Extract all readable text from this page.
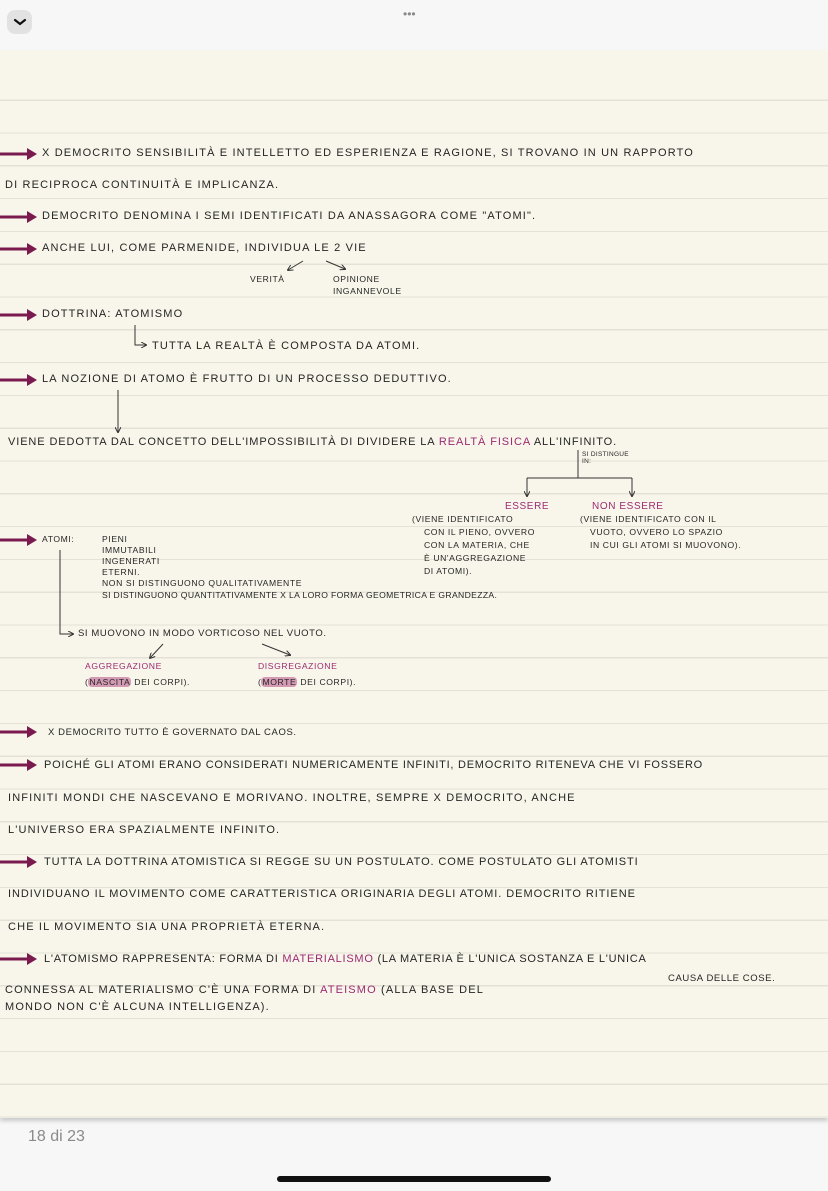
•••
X DEMOCRITO SENSIBILITÀ E INTELLETTO ED ESPERIENZA E RAGIONE, SI TROVANO IN UN RAPPORTO
DI RECIPROCA CONTINUITÀ E IMPLICANZA.
DEMOCRITO DENOMINA I SEMI IDENTIFICATI DA ANASSAGORA COME "ATOMI".
ANCHE LUI, COME PARMENIDE, INDIVIDUA LE 2 VIE
VERITÀ	OPINIONE
INGANNEVOLE
DOTTRINA: ATOMISMO
TUTTA LA REALTÀ È COMPOSTA DA ATOMI.
LA NOZIONE DI ATOMO È FRUTTO DI UN PROCESSO DEDUTTIVO.
VIENE DEDOTTA DAL CONCETTO DELL'IMPOSSIBILITÀ DI DIVIDERE LA REALTÀ FISICA ALL'INFINITO.
SI DISTINGUE
IN:
ESSERE	NON ESSERE
(VIENE IDENTIFICATO
CON IL PIENO, OVVERO
CON LA MATERIA, CHE
È UN'AGGREGAZIONE
DI ATOMI).
(VIENE IDENTIFICATO CON IL
VUOTO, OVVERO LO SPAZIO
IN CUI GLI ATOMI SI MUOVONO).
ATOMI:	PIENI
IMMUTABILI
INGENERATI
ETERNI.
NON SI DISTINGUONO QUALITATIVAMENTE
SI DISTINGUONO QUANTITATIVAMENTE X LA LORO FORMA GEOMETRICA E GRANDEZZA.
SI MUOVONO IN MODO VORTICOSO NEL VUOTO.
AGGREGAZIONE
(NASCITA DEI CORPI).
DISGREGAZIONE
(MORTE DEI CORPI).
X DEMOCRITO TUTTO È GOVERNATO DAL CAOS.
POICHÉ GLI ATOMI ERANO CONSIDERATI NUMERICAMENTE INFINITI, DEMOCRITO RITENEVA CHE VI FOSSERO
INFINITI MONDI CHE NASCEVANO E MORIVANO. INOLTRE, SEMPRE X DEMOCRITO, ANCHE
L'UNIVERSO ERA SPAZIALMENTE INFINITO.
TUTTA LA DOTTRINA ATOMISTICA SI REGGE SU UN POSTULATO. COME POSTULATO GLI ATOMISTI
INDIVIDUANO IL MOVIMENTO COME CARATTERISTICA ORIGINARIA DEGLI ATOMI. DEMOCRITO RITIENE
CHE IL MOVIMENTO SIA UNA PROPRIETÀ ETERNA.
L'ATOMISMO RAPPRESENTA: FORMA DI MATERIALISMO (LA MATERIA È L'UNICA SOSTANZA E L'UNICA
CAUSA DELLE COSE.
CONNESSA AL MATERIALISMO C'È UNA FORMA DI ATEISMO (ALLA BASE DEL
MONDO NON C'È ALCUNA INTELLIGENZA).
18 di 23
